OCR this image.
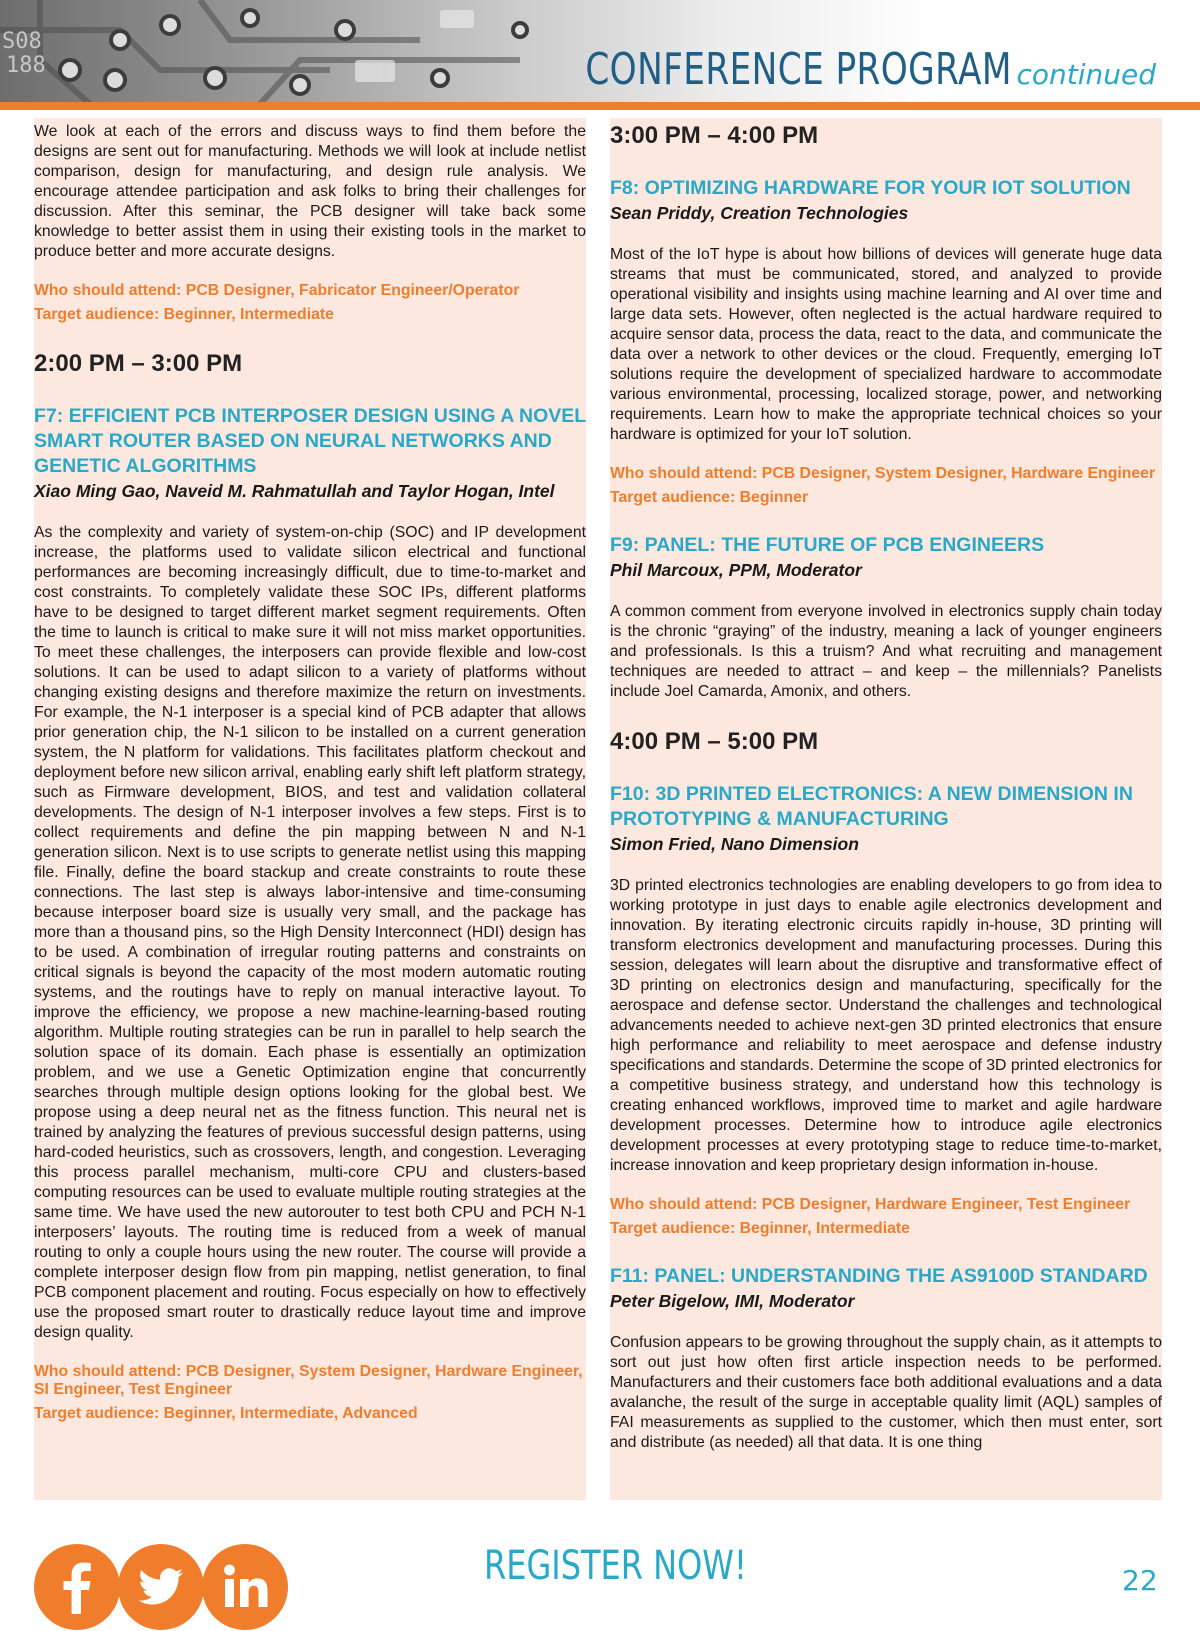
S08
188	CONFERENCE PROGRAM continued

We look at each of the errors and discuss ways to find them before the designs are sent out for manufacturing. Methods we will look at include netlist comparison, design for manufacturing, and design rule analysis. We encourage attendee participation and ask folks to bring their challenges for discussion. After this seminar, the PCB designer will take back some knowledge to better assist them in using their existing tools in the market to produce better and more accurate designs.

Who should attend: PCB Designer, Fabricator Engineer/Operator
Target audience: Beginner, Intermediate
2:00 PM – 3:00 PM
F7: EFFICIENT PCB INTERPOSER DESIGN USING A NOVEL SMART ROUTER BASED ON NEURAL NETWORKS AND GENETIC ALGORITHMS
Xiao Ming Gao, Naveid M. Rahmatullah and Taylor Hogan, Intel

As the complexity and variety of system-on-chip (SOC) and IP development increase, the platforms used to validate silicon electrical and functional performances are becoming increasingly difficult, due to time-to-market and cost constraints. To completely validate these SOC IPs, different platforms have to be designed to target different market segment requirements. Often the time to launch is critical to make sure it will not miss market opportunities. To meet these challenges, the interposers can provide flexible and low-cost solutions. It can be used to adapt silicon to a variety of platforms without changing existing designs and therefore maximize the return on investments. For example, the N-1 interposer is a special kind of PCB adapter that allows prior generation chip, the N-1 silicon to be installed on a current generation system, the N platform for validations. This facilitates platform checkout and deployment before new silicon arrival, enabling early shift left platform strategy, such as Firmware development, BIOS, and test and validation collateral developments. The design of N-1 interposer involves a few steps. First is to collect requirements and define the pin mapping between N and N-1 generation silicon. Next is to use scripts to generate netlist using this mapping file. Finally, define the board stackup and create constraints to route these connections. The last step is always labor-intensive and time-consuming because interposer board size is usually very small, and the package has more than a thousand pins, so the High Density Interconnect (HDI) design has to be used. A combination of irregular routing patterns and constraints on critical signals is beyond the capacity of the most modern automatic routing systems, and the routings have to reply on manual interactive layout. To improve the efficiency, we propose a new machine-learning-based routing algorithm. Multiple routing strategies can be run in parallel to help search the solution space of its domain. Each phase is essentially an optimization problem, and we use a Genetic Optimization engine that concurrently searches through multiple design options looking for the global best. We propose using a deep neural net as the fitness function. This neural net is trained by analyzing the features of previous successful design patterns, using hard-coded heuristics, such as crossovers, length, and congestion. Leveraging this process parallel mechanism, multi-core CPU and clusters-based computing resources can be used to evaluate multiple routing strategies at the same time. We have used the new autorouter to test both CPU and PCH N-1 interposers’ layouts. The routing time is reduced from a week of manual routing to only a couple hours using the new router. The course will provide a complete interposer design flow from pin mapping, netlist generation, to final PCB component placement and routing. Focus especially on how to effectively use the proposed smart router to drastically reduce layout time and improve design quality.

Who should attend: PCB Designer, System Designer, Hardware Engineer, SI Engineer, Test Engineer
Target audience: Beginner, Intermediate, Advanced
3:00 PM – 4:00 PM
F8: OPTIMIZING HARDWARE FOR YOUR IOT SOLUTION
Sean Priddy, Creation Technologies

Most of the IoT hype is about how billions of devices will generate huge data streams that must be communicated, stored, and analyzed to provide operational visibility and insights using machine learning and AI over time and large data sets. However, often neglected is the actual hardware required to acquire sensor data, process the data, react to the data, and communicate the data over a network to other devices or the cloud. Frequently, emerging IoT solutions require the development of specialized hardware to accommodate various environmental, processing, localized storage, power, and networking requirements. Learn how to make the appropriate technical choices so your hardware is optimized for your IoT solution.

Who should attend: PCB Designer, System Designer, Hardware Engineer
Target audience: Beginner
F9: PANEL: THE FUTURE OF PCB ENGINEERS
Phil Marcoux, PPM, Moderator

A common comment from everyone involved in electronics supply chain today is the chronic “graying” of the industry, meaning a lack of younger engineers and professionals. Is this a truism? And what recruiting and management techniques are needed to attract – and keep – the millennials? Panelists include Joel Camarda, Amonix, and others.

4:00 PM – 5:00 PM
F10: 3D PRINTED ELECTRONICS: A NEW DIMENSION IN PROTOTYPING & MANUFACTURING
Simon Fried, Nano Dimension

3D printed electronics technologies are enabling developers to go from idea to working prototype in just days to enable agile electronics development and innovation. By iterating electronic circuits rapidly in-house, 3D printing will transform electronics development and manufacturing processes. During this session, delegates will learn about the disruptive and transformative effect of 3D printing on electronics design and manufacturing, specifically for the aerospace and defense sector. Understand the challenges and technological advancements needed to achieve next-gen 3D printed electronics that ensure high performance and reliability to meet aerospace and defense industry specifications and standards. Determine the scope of 3D printed electronics for a competitive business strategy, and understand how this technology is creating enhanced workflows, improved time to market and agile hardware development processes. Determine how to introduce agile electronics development processes at every prototyping stage to reduce time-to-market, increase innovation and keep proprietary design information in-house.

Who should attend: PCB Designer, Hardware Engineer, Test Engineer
Target audience: Beginner, Intermediate
F11: PANEL: UNDERSTANDING THE AS9100D STANDARD
Peter Bigelow, IMI, Moderator

Confusion appears to be growing throughout the supply chain, as it attempts to sort out just how often first article inspection needs to be performed. Manufacturers and their customers face both additional evaluations and a data avalanche, the result of the surge in acceptable quality limit (AQL) samples of FAI measurements as supplied to the customer, which then must enter, sort and distribute (as needed) all that data. It is one thing

REGISTER NOW!	22
